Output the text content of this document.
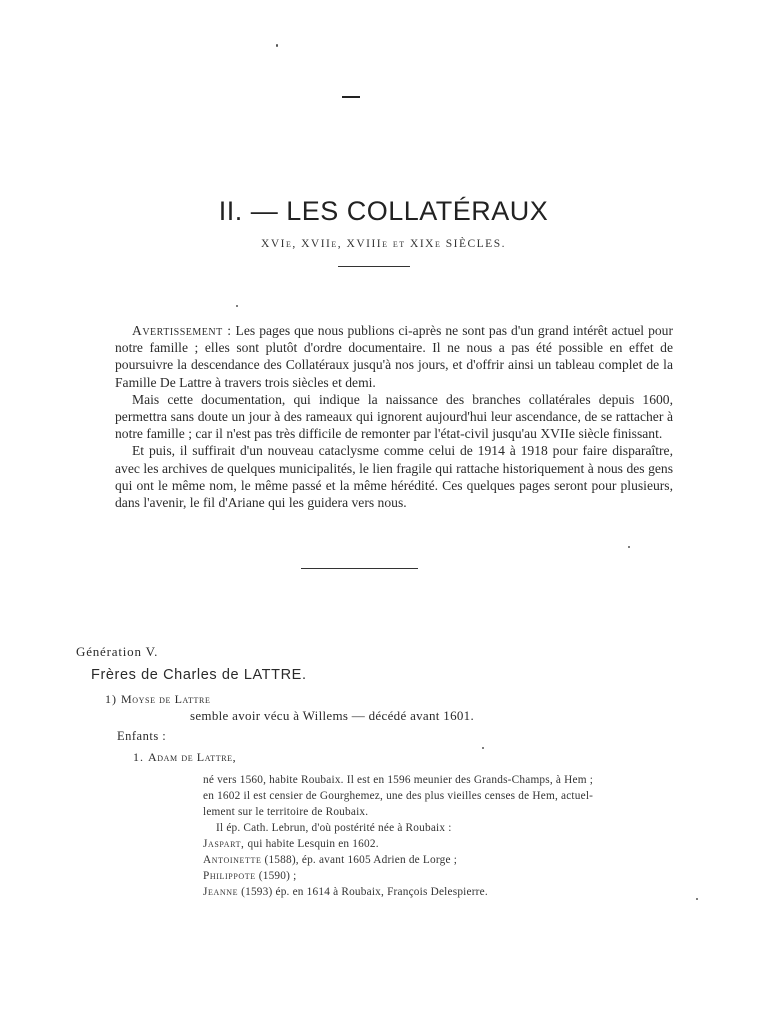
II. — LES COLLATÉRAUX
XVIe, XVIIe, XVIIIe et XIXe SIÈCLES.

Avertissement : Les pages que nous publions ci-après ne sont pas d'un grand intérêt actuel pour notre famille ; elles sont plutôt d'ordre documentaire. Il ne nous a pas été possible en effet de poursuivre la descendance des Collatéraux jusqu'à nos jours, et d'offrir ainsi un tableau complet de la Famille De Lattre à travers trois siècles et demi.

Mais cette documentation, qui indique la naissance des branches collatérales depuis 1600, permettra sans doute un jour à des rameaux qui ignorent aujourd'hui leur ascendance, de se rattacher à notre famille ; car il n'est pas très difficile de remonter par l'état-civil jusqu'au XVIIe siècle finissant.

Et puis, il suffirait d'un nouveau cataclysme comme celui de 1914 à 1918 pour faire disparaître, avec les archives de quelques municipalités, le lien fragile qui rattache historiquement à nous des gens qui ont le même nom, le même passé et la même hérédité. Ces quelques pages seront pour plusieurs, dans l'avenir, le fil d'Ariane qui les guidera vers nous.

Génération V.
Frères de Charles de LATTRE.
1) Moyse de Lattre
semble avoir vécu à Willems — décédé avant 1601.
Enfants :
1. Adam de Lattre,
né vers 1560, habite Roubaix. Il est en 1596 meunier des Grands-Champs, à Hem ;
en 1602 il est censier de Gourghemez, une des plus vieilles censes de Hem, actuel-
lement sur le territoire de Roubaix.
Il ép. Cath. Lebrun, d'où postérité née à Roubaix :
Jaspart, qui habite Lesquin en 1602.
Antoinette (1588), ép. avant 1605 Adrien de Lorge ;
Philippote (1590) ;
Jeanne (1593) ép. en 1614 à Roubaix, François Delespierre.
